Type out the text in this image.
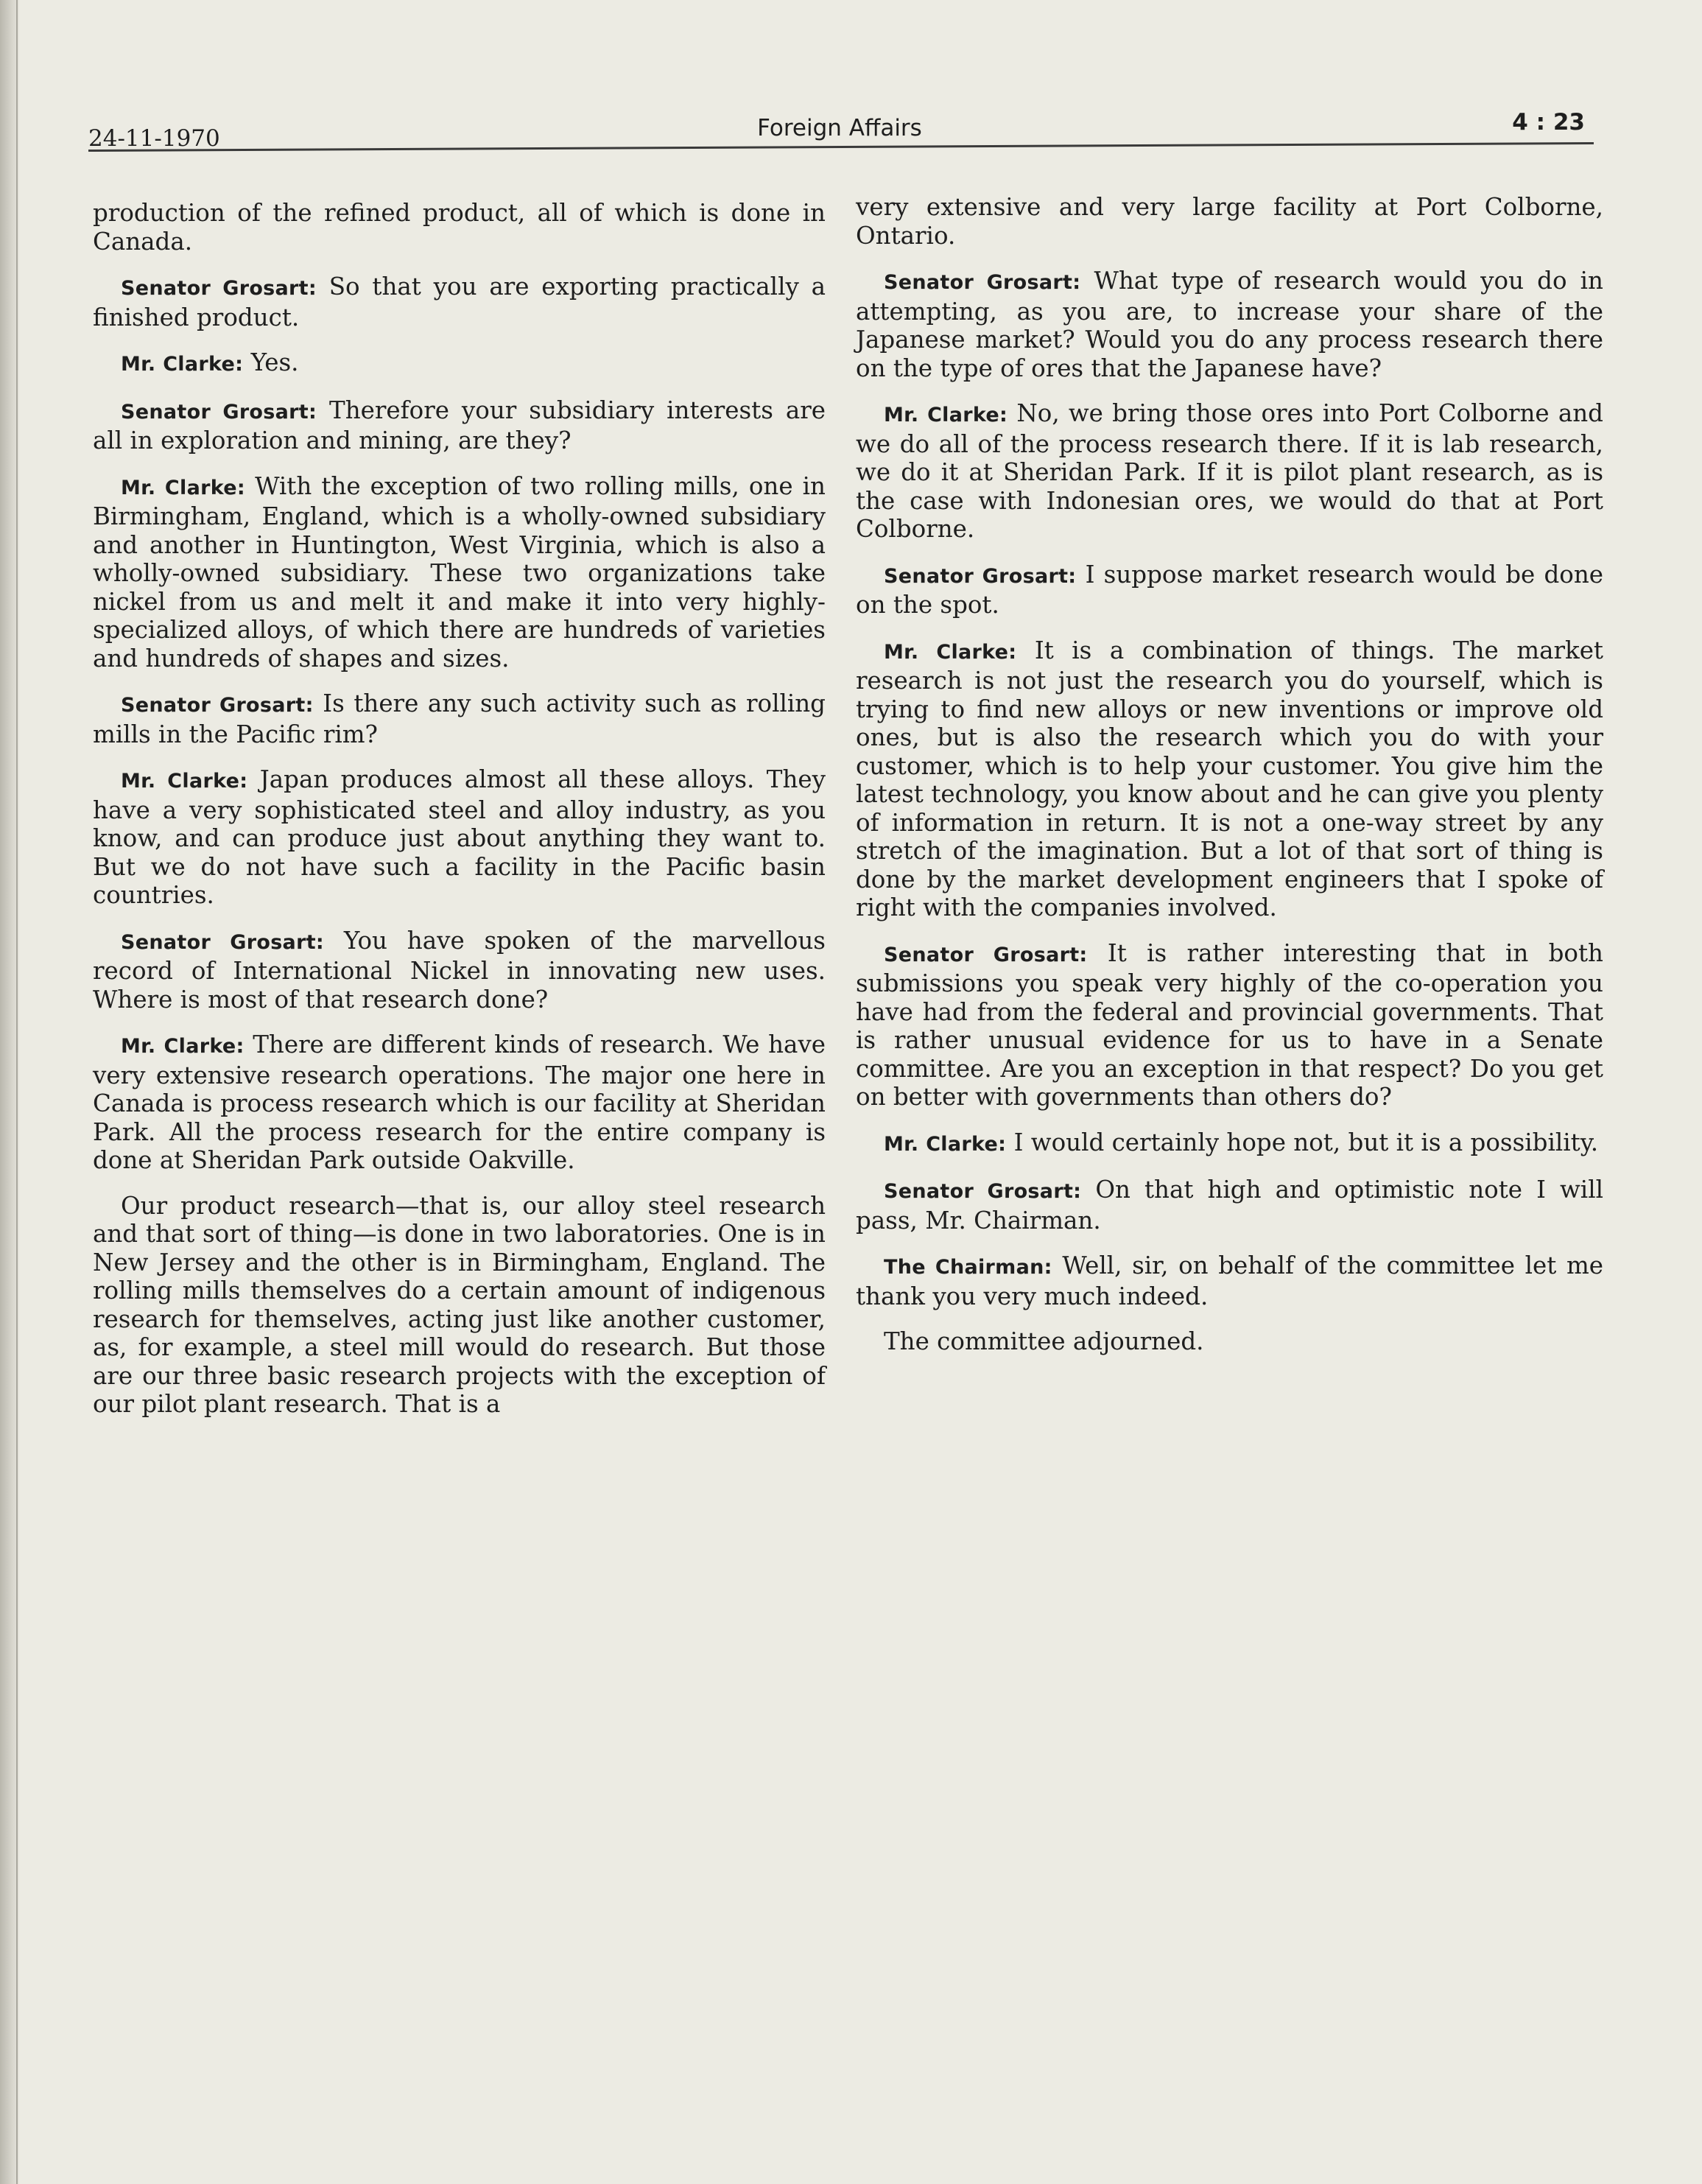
24-11-1970	Foreign Affairs	4 : 23

production of the refined product, all of which is done in Canada.

Senator Grosart: So that you are exporting practically a finished product.

Mr. Clarke: Yes.

Senator Grosart: Therefore your subsidiary interests are all in exploration and mining, are they?

Mr. Clarke: With the exception of two rolling mills, one in Birmingham, England, which is a wholly-owned subsidiary and another in Huntington, West Virginia, which is also a wholly-owned subsidiary. These two organizations take nickel from us and melt it and make it into very highly-specialized alloys, of which there are hundreds of varieties and hundreds of shapes and sizes.

Senator Grosart: Is there any such activity such as rolling mills in the Pacific rim?

Mr. Clarke: Japan produces almost all these alloys. They have a very sophisticated steel and alloy industry, as you know, and can produce just about anything they want to. But we do not have such a facility in the Pacific basin countries.

Senator Grosart: You have spoken of the marvellous record of International Nickel in innovating new uses. Where is most of that research done?

Mr. Clarke: There are different kinds of research. We have very extensive research operations. The major one here in Canada is process research which is our facility at Sheridan Park. All the process research for the entire company is done at Sheridan Park outside Oakville.

Our product research—that is, our alloy steel research and that sort of thing—is done in two laboratories. One is in New Jersey and the other is in Birmingham, England. The rolling mills themselves do a certain amount of indigenous research for themselves, acting just like another customer, as, for example, a steel mill would do research. But those are our three basic research projects with the exception of our pilot plant research. That is a

very extensive and very large facility at Port Colborne, Ontario.

Senator Grosart: What type of research would you do in attempting, as you are, to increase your share of the Japanese market? Would you do any process research there on the type of ores that the Japanese have?

Mr. Clarke: No, we bring those ores into Port Colborne and we do all of the process research there. If it is lab research, we do it at Sheridan Park. If it is pilot plant research, as is the case with Indonesian ores, we would do that at Port Colborne.

Senator Grosart: I suppose market research would be done on the spot.

Mr. Clarke: It is a combination of things. The market research is not just the research you do yourself, which is trying to find new alloys or new inventions or improve old ones, but is also the research which you do with your customer, which is to help your customer. You give him the latest technology, you know about and he can give you plenty of information in return. It is not a one-way street by any stretch of the imagination. But a lot of that sort of thing is done by the market development engineers that I spoke of right with the companies involved.

Senator Grosart: It is rather interesting that in both submissions you speak very highly of the co-operation you have had from the federal and provincial governments. That is rather unusual evidence for us to have in a Senate committee. Are you an exception in that respect? Do you get on better with governments than others do?

Mr. Clarke: I would certainly hope not, but it is a possibility.

Senator Grosart: On that high and optimistic note I will pass, Mr. Chairman.

The Chairman: Well, sir, on behalf of the committee let me thank you very much indeed.

The committee adjourned.
